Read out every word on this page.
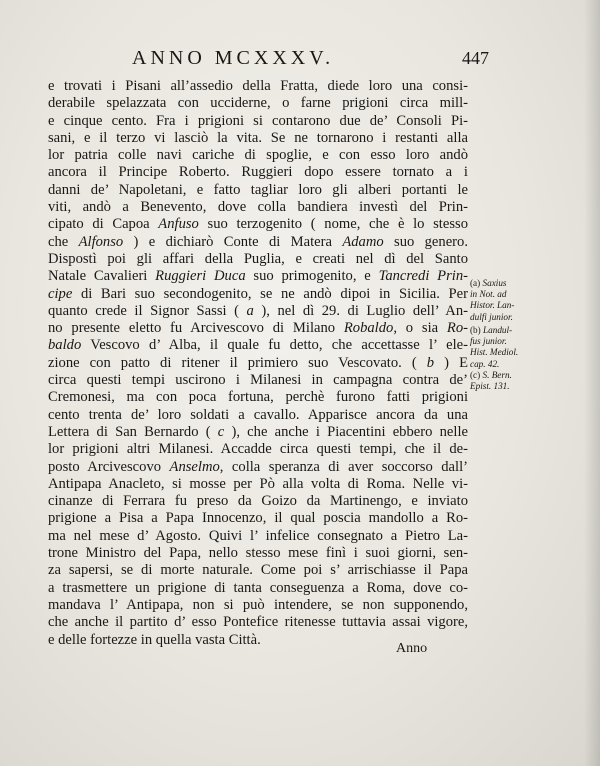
ANNO MCXXXV.	447
e trovati i Pisani all’assedio della Fratta, diede loro una consi-
derabile spelazzata con ucciderne, o farne prigioni circa mill-
e cinque cento. Fra i prigioni si contarono due de’ Consoli Pi-
sani, e il terzo vi lasciò la vita. Se ne tornarono i restanti alla
lor patria colle navi cariche di spoglie, e con esso loro andò
ancora il Principe Roberto. Ruggieri dopo essere tornato a i
danni de’ Napoletani, e fatto tagliar loro gli alberi portanti le
viti, andò a Benevento, dove colla bandiera investì del Prin-
cipato di Capoa Anfuso suo terzogenito ( nome, che è lo stesso
che Alfonso ) e dichiarò Conte di Matera Adamo suo genero.
Dispostì poi gli affari della Puglia, e creati nel dì del Santo
Natale Cavalieri Ruggieri Duca suo primogenito, e Tancredi Prin-
cipe di Bari suo secondogenito, se ne andò dipoi in Sicilia. Per
quanto crede il Signor Sassi ( a ), nel dì 29. di Luglio dell’ An-
no presente eletto fu Arcivescovo di Milano Robaldo, o sia Ro-
baldo Vescovo d’ Alba, il quale fu detto, che accettasse l’ ele-
zione con patto di ritener il primiero suo Vescovato. ( b ) E
circa questi tempi uscirono i Milanesi in campagna contra de’
Cremonesi, ma con poca fortuna, perchè furono fatti prigioni
cento trenta de’ loro soldati a cavallo. Apparisce ancora da una
Lettera di San Bernardo ( c ), che anche i Piacentini ebbero nelle
lor prigioni altri Milanesi. Accadde circa questi tempi, che il de-
posto Arcivescovo Anselmo, colla speranza di aver soccorso dall’
Antipapa Anacleto, si mosse per Pò alla volta di Roma. Nelle vi-
cinanze di Ferrara fu preso da Goizo da Martinengo, e inviato
prigione a Pisa a Papa Innocenzo, il qual poscia mandollo a Ro-
ma nel mese d’ Agosto. Quivi l’ infelice consegnato a Pietro La-
trone Ministro del Papa, nello stesso mese finì i suoi giorni, sen-
za sapersi, se di morte naturale. Come poi s’ arrischiasse il Papa
a trasmettere un prigione di tanta conseguenza a Roma, dove co-
mandava l’ Antipapa, non si può intendere, se non supponendo,
che anche il partito d’ esso Pontefice ritenesse tuttavia assai vigore,
e delle fortezze in quella vasta Città.
(a) Saxius
in Not. ad
Histor. Lan-
dulfi junior.
(b) Landul-
fus junior.
Hist. Mediol.
cap. 42.
(c) S. Bern.
Epist. 131.
Anno
